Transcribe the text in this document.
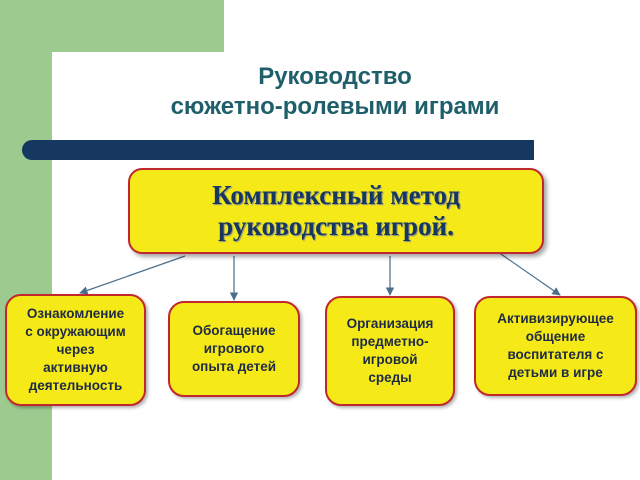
Руководство
сюжетно-ролевыми играми
Комплексный метод
руководства игрой.
Ознакомление
с окружающим
через
активную
деятельность
Обогащение
игрового
опыта детей
Организация
предметно-
игровой
среды
Активизирующее
общение
воспитателя с
детьми в игре
